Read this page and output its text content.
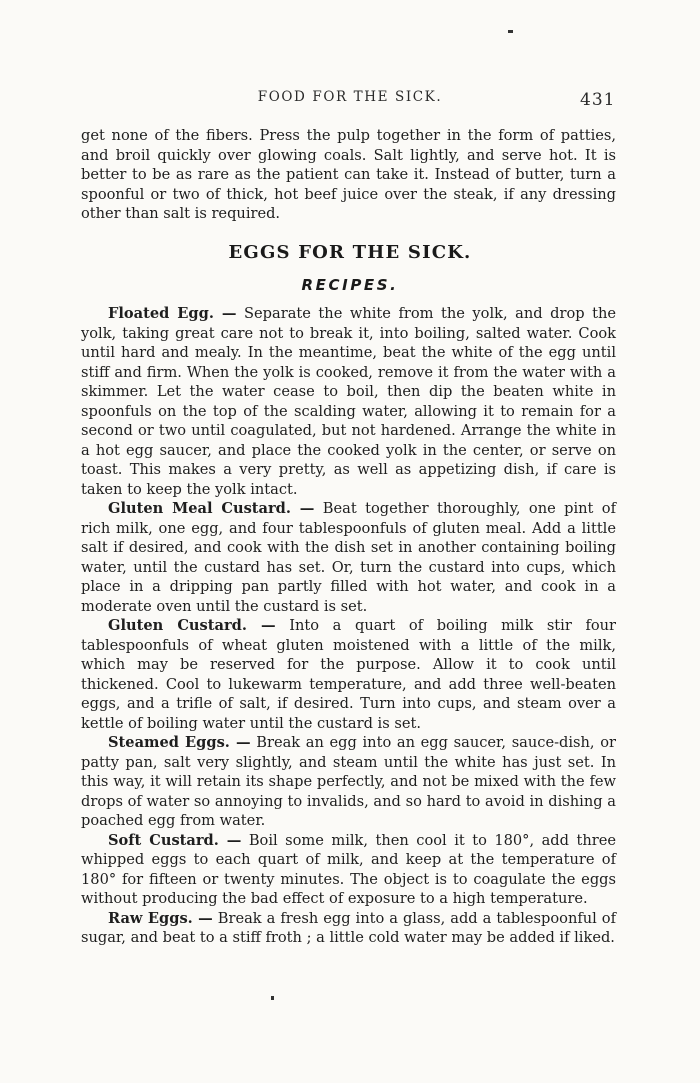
FOOD FOR THE SICK.	431

get none of the fibers. Press the pulp together in the form of patties, and broil quickly over glowing coals. Salt lightly, and serve hot. It is better to be as rare as the patient can take it. Instead of butter, turn a spoonful or two of thick, hot beef juice over the steak, if any dressing other than salt is required.

EGGS FOR THE SICK.
RECIPES.

Floated Egg. — Separate the white from the yolk, and drop the yolk, taking great care not to break it, into boiling, salted water. Cook until hard and mealy. In the meantime, beat the white of the egg until stiff and firm. When the yolk is cooked, remove it from the water with a skimmer. Let the water cease to boil, then dip the beaten white in spoonfuls on the top of the scalding water, allowing it to remain for a second or two until coagulated, but not hardened. Arrange the white in a hot egg saucer, and place the cooked yolk in the center, or serve on toast. This makes a very pretty, as well as appetizing dish, if care is taken to keep the yolk intact.

Gluten Meal Custard. — Beat together thoroughly, one pint of rich milk, one egg, and four tablespoonfuls of gluten meal. Add a little salt if desired, and cook with the dish set in another containing boiling water, until the custard has set. Or, turn the custard into cups, which place in a dripping pan partly filled with hot water, and cook in a moderate oven until the custard is set.

Gluten Custard. — Into a quart of boiling milk stir four tablespoonfuls of wheat gluten moistened with a little of the milk, which may be reserved for the purpose. Allow it to cook until thickened. Cool to lukewarm temperature, and add three well-beaten eggs, and a trifle of salt, if desired. Turn into cups, and steam over a kettle of boiling water until the custard is set.

Steamed Eggs. — Break an egg into an egg saucer, sauce-dish, or patty pan, salt very slightly, and steam until the white has just set. In this way, it will retain its shape perfectly, and not be mixed with the few drops of water so annoying to invalids, and so hard to avoid in dishing a poached egg from water.

Soft Custard. — Boil some milk, then cool it to 180°, add three whipped eggs to each quart of milk, and keep at the temperature of 180° for fifteen or twenty minutes. The object is to coagulate the eggs without producing the bad effect of exposure to a high temperature.

Raw Eggs. — Break a fresh egg into a glass, add a tablespoonful of sugar, and beat to a stiff froth ; a little cold water may be added if liked.
